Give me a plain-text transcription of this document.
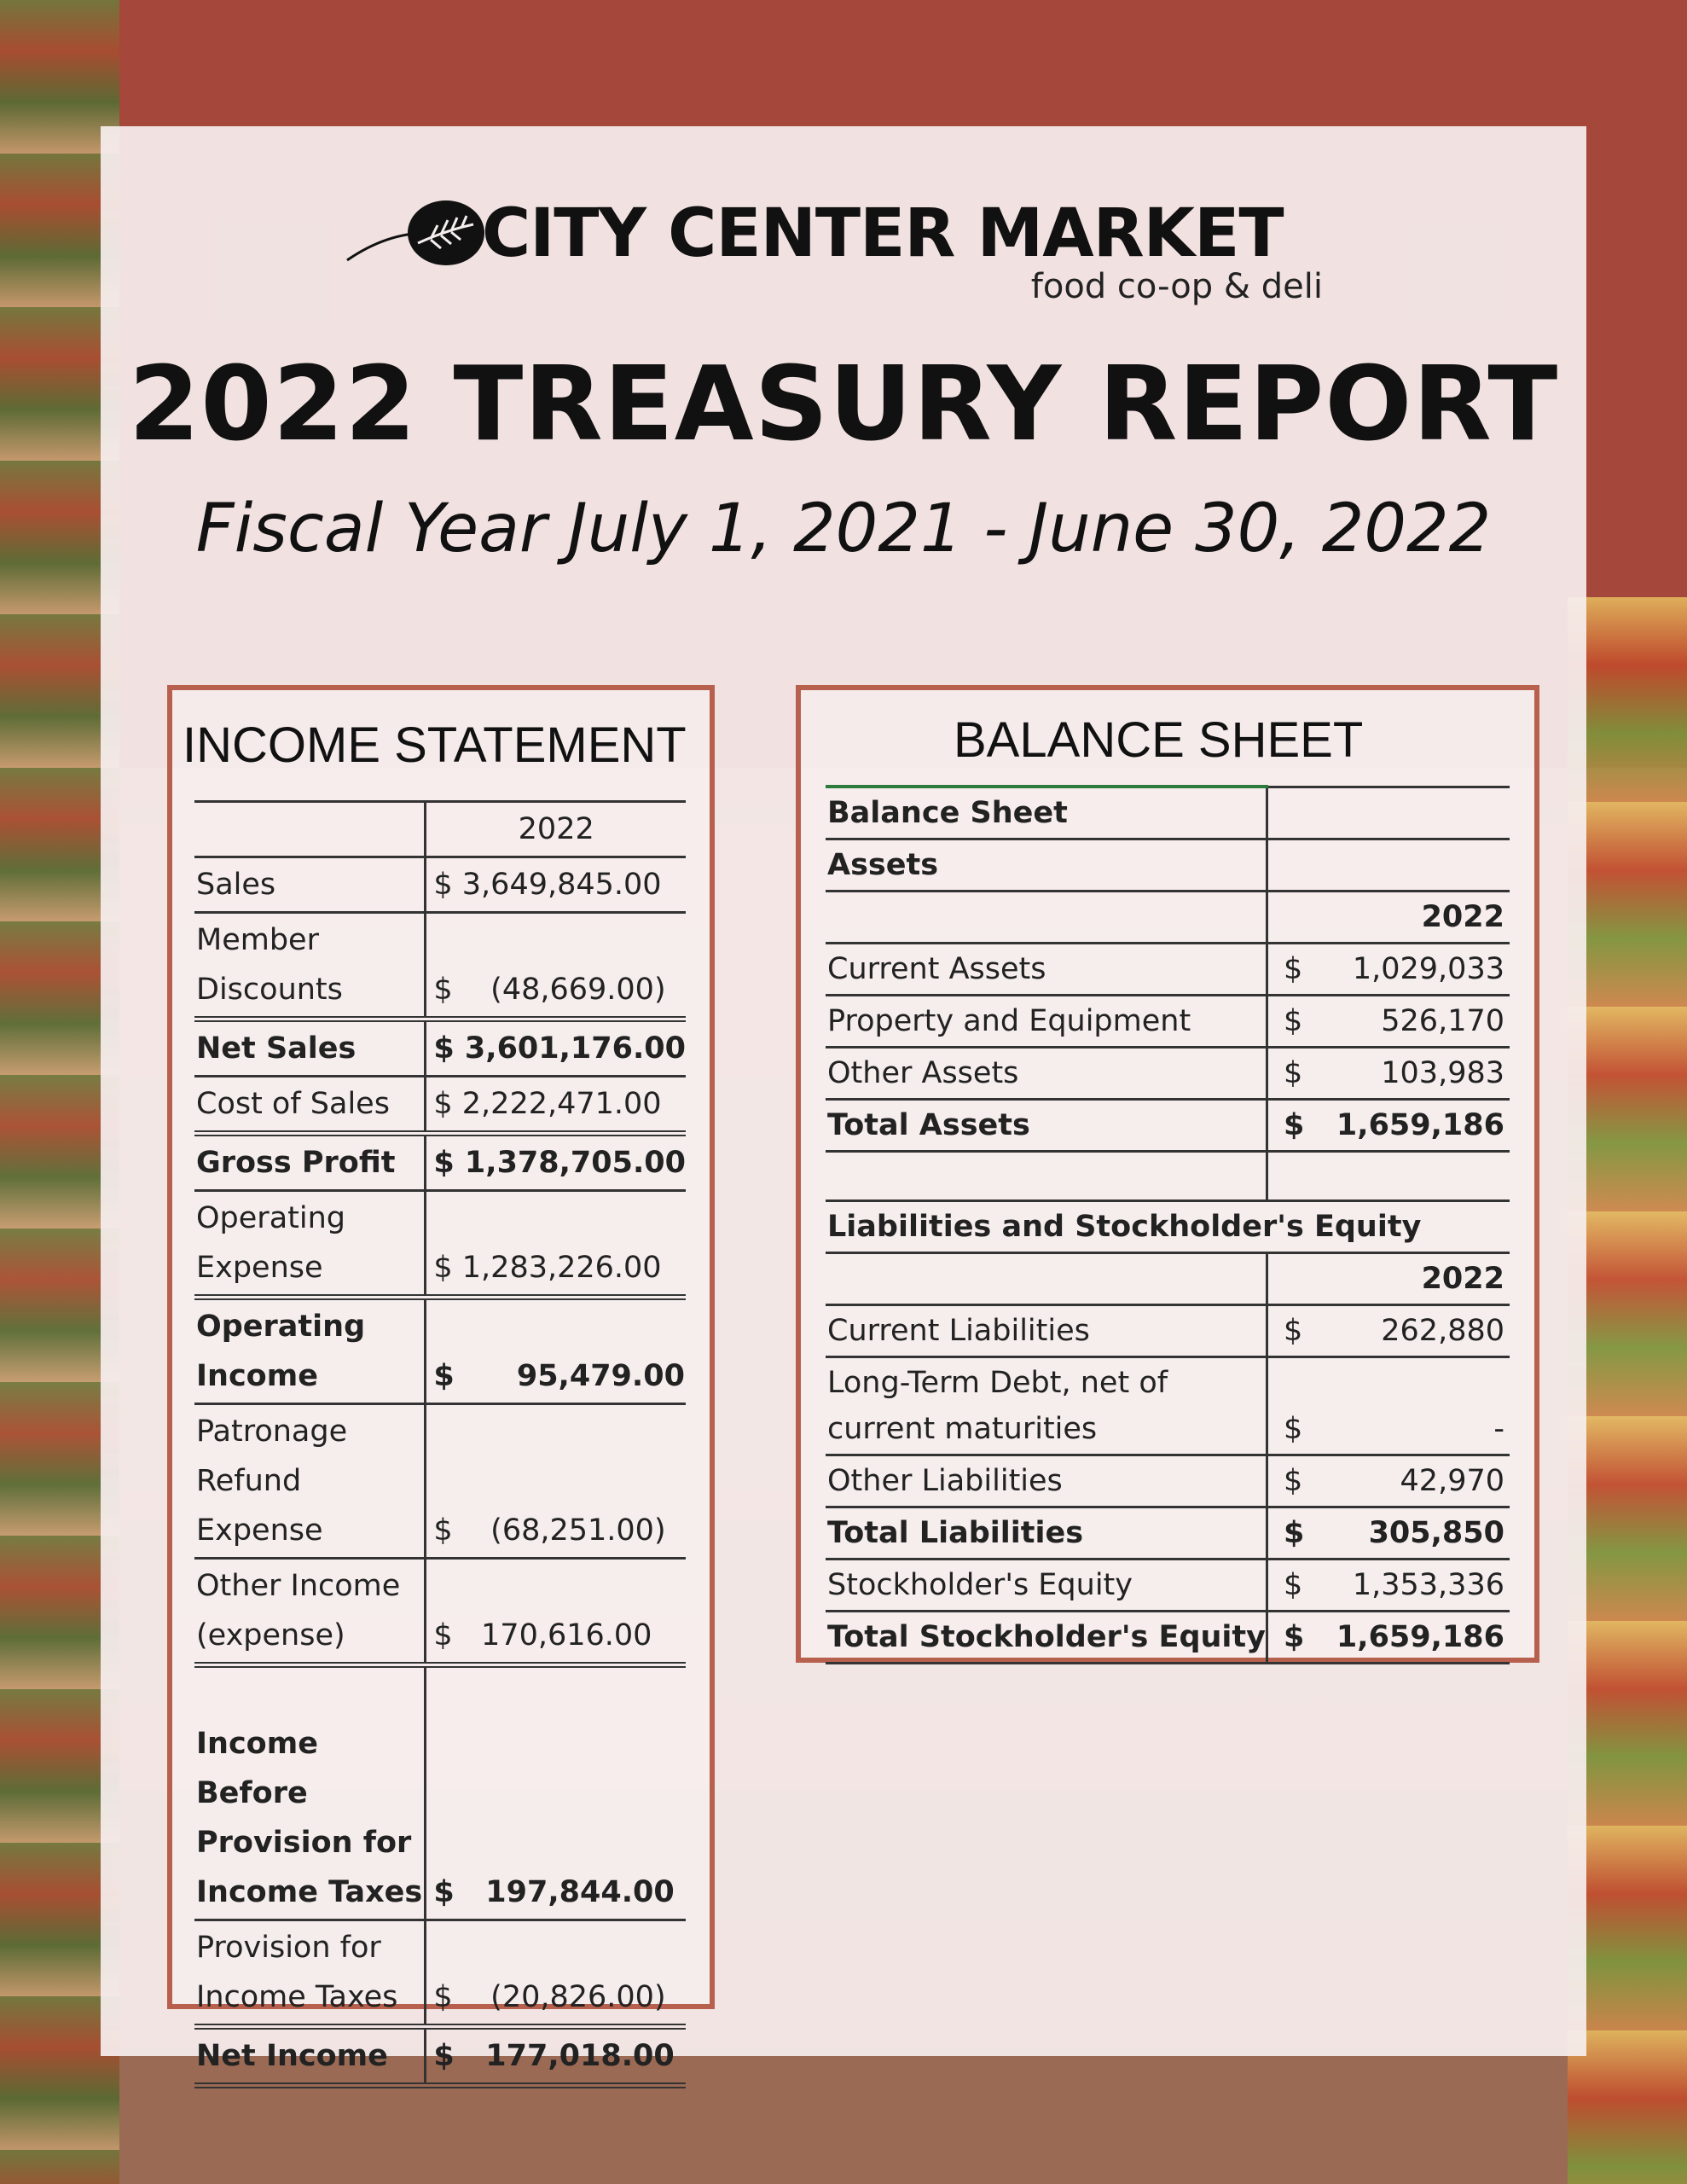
CITY CENTER MARKET
food co-op & deli
2022 TREASURY REPORT
Fiscal Year July 1, 2021 - June 30, 2022
INCOME STATEMENT
	2022
Sales	$ 3,649,845.00
Member Discounts	$    (48,669.00)
Net Sales	$ 3,601,176.00
Cost of Sales	$ 2,222,471.00
Gross Profit	$ 1,378,705.00
Operating Expense	$ 1,283,226.00
Operating Income	$      95,479.00
Patronage Refund Expense	$    (68,251.00)
Other Income (expense)	$   170,616.00
Income Before Provision for Income Taxes	$   197,844.00
Provision for Income Taxes	$    (20,826.00)
Net Income	$   177,018.00
BALANCE SHEET
Balance Sheet		
Assets		
		2022
Current Assets	$	1,029,033
Property and Equipment	$	526,170
Other Assets	$	103,983
Total Assets	$	1,659,186

Liabilities and Stockholder's Equity		
		2022
Current Liabilities	$	262,880
Long-Term Debt, net of current maturities	$	-
Other Liabilities	$	42,970
Total Liabilities	$	305,850
Stockholder's Equity	$	1,353,336
Total Stockholder's Equity	$	1,659,186
